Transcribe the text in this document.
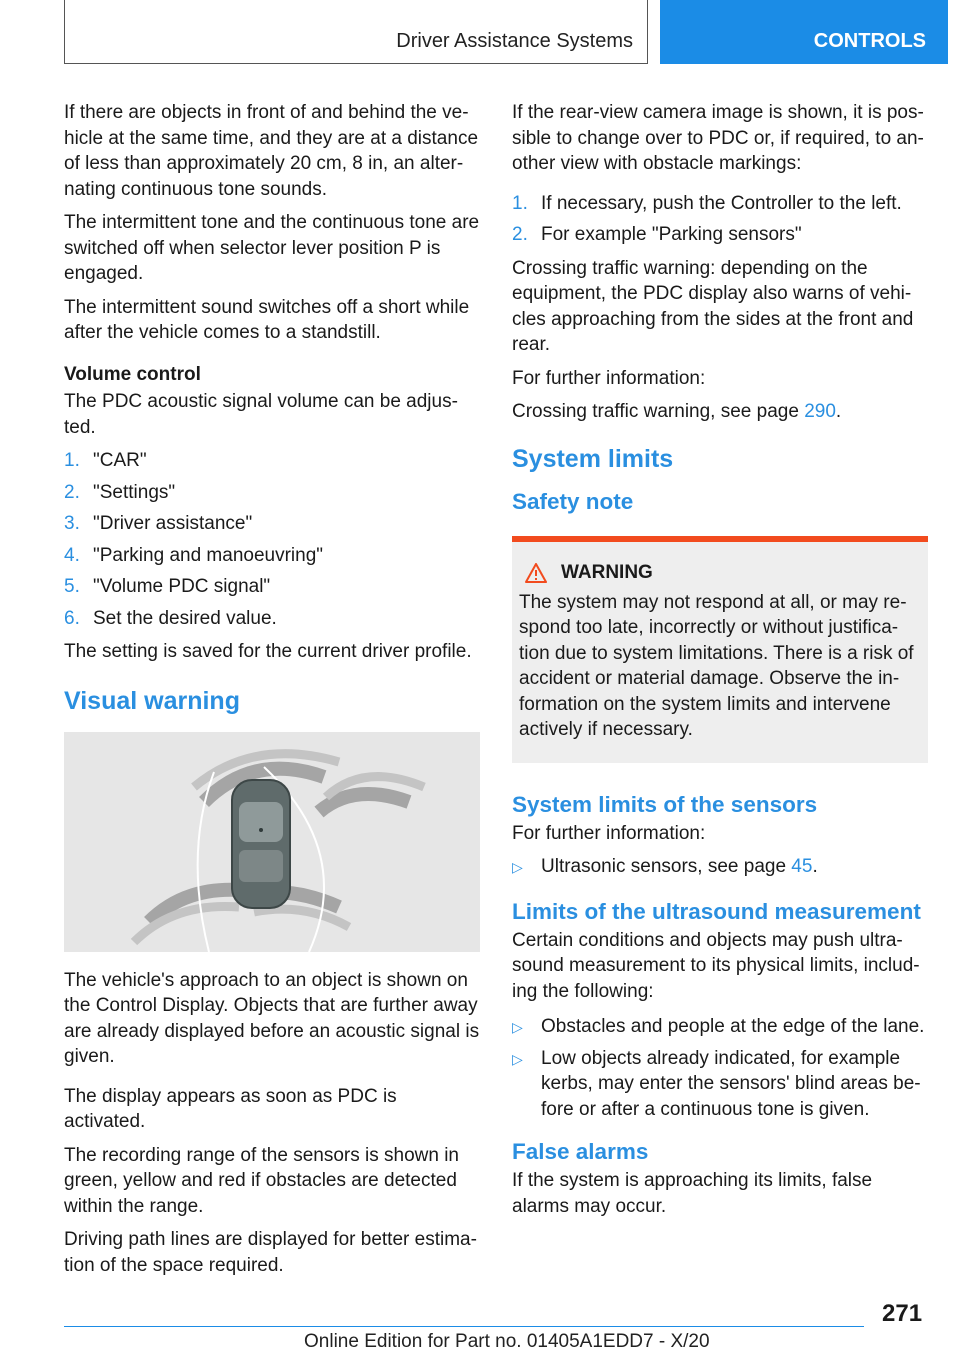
Driver Assistance Systems	CONTROLS

If there are objects in front of and behind the ve-hicle at the same time, and they are at a distance of less than approximately 20 cm, 8 in, an alter-nating continuous tone sounds.

The intermittent tone and the continuous tone are switched off when selector lever position P is engaged.

The intermittent sound switches off a short while after the vehicle comes to a standstill.

Volume control

The PDC acoustic signal volume can be adjus-ted.

1. "CAR"
2. "Settings"
3. "Driver assistance"
4. "Parking and manoeuvring"
5. "Volume PDC signal"
6. Set the desired value.

The setting is saved for the current driver profile.

Visual warning

The vehicle's approach to an object is shown on the Control Display. Objects that are further away are already displayed before an acoustic signal is given.

The display appears as soon as PDC is activated.

The recording range of the sensors is shown in green, yellow and red if obstacles are detected within the range.

Driving path lines are displayed for better estima-tion of the space required.

If the rear-view camera image is shown, it is pos-sible to change over to PDC or, if required, to an-other view with obstacle markings:

1. If necessary, push the Controller to the left.
2. For example "Parking sensors"

Crossing traffic warning: depending on the equipment, the PDC display also warns of vehi-cles approaching from the sides at the front and rear.

For further information:

Crossing traffic warning, see page 290.

System limits
Safety note
WARNING

The system may not respond at all, or may re-spond too late, incorrectly or without justifica-tion due to system limitations. There is a risk of accident or material damage. Observe the in-formation on the system limits and intervene actively if necessary.

System limits of the sensors

For further information:

▷ Ultrasonic sensors, see page 45.
Limits of the ultrasound measurement

Certain conditions and objects may push ultra-sound measurement to its physical limits, includ-ing the following:

▷ Obstacles and people at the edge of the lane.
▷ Low objects already indicated, for example kerbs, may enter the sensors' blind areas be-fore or after a continuous tone is given.
False alarms

If the system is approaching its limits, false alarms may occur.

271
Online Edition for Part no. 01405A1EDD7 - X/20
